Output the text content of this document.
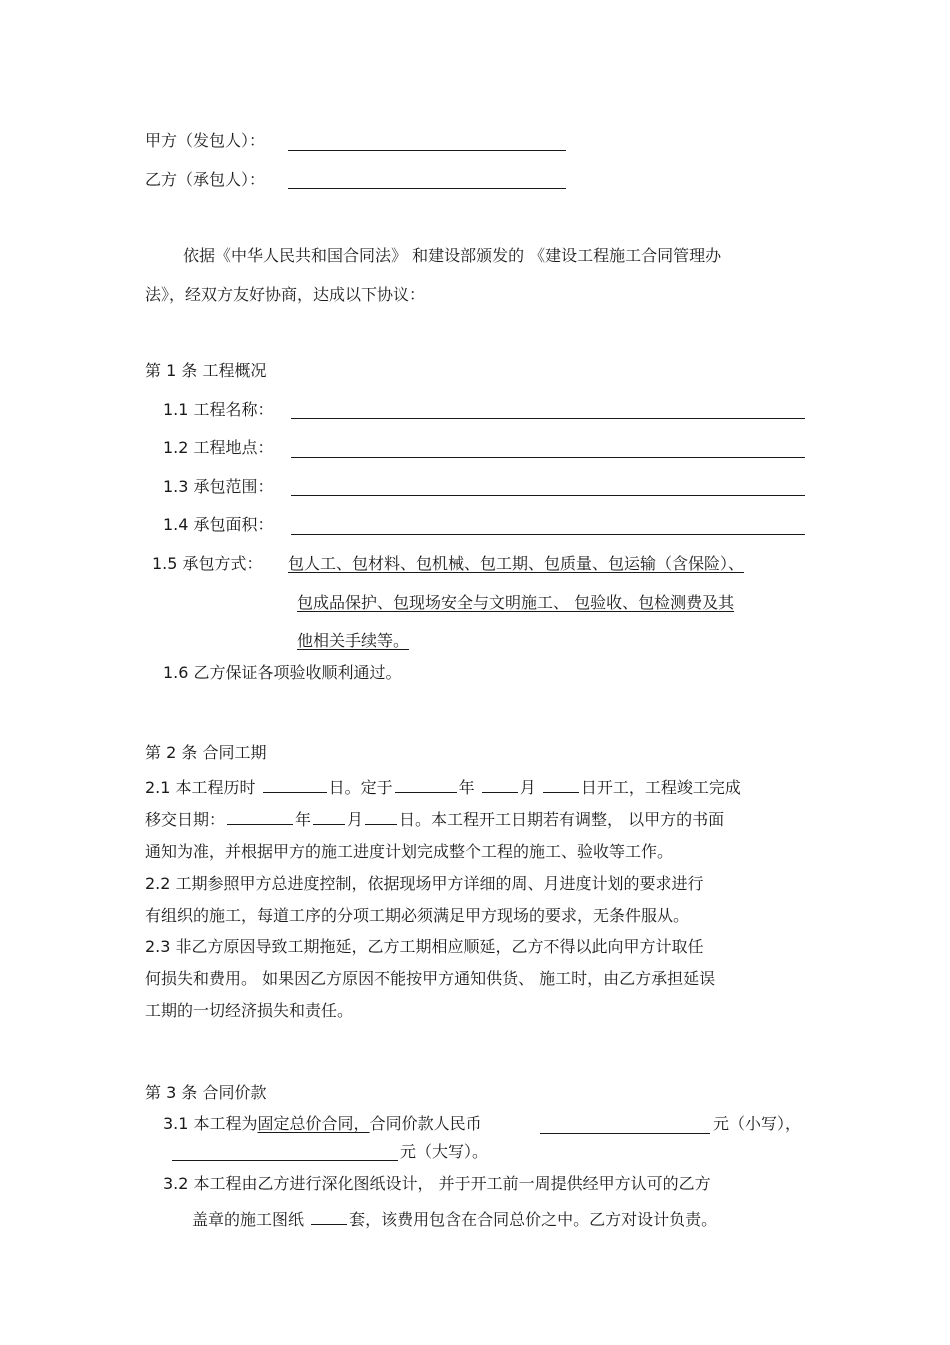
甲方（发包人）：
乙方（承包人）：
依据《中华人民共和国合同法》 和建设部颁发的 《建设工程施工合同管理办
法》，经双方友好协商，达成以下协议：
第 1 条 工程概况
1.1 工程名称：
1.2 工程地点：
1.3 承包范围：
1.4 承包面积：
1.5 承包方式： 包人工、包材料、包机械、包工期、包质量、包运输（含保险）、
包成品保护、包现场安全与文明施工、 包验收、包检测费及其
他相关手续等。
1.6 乙方保证各项验收顺利通过。
第 2 条 合同工期
2.1 本工程历时	日。定于	年	月	日开工，工程竣工完成
移交日期：	年 月 日。本工程开工日期若有调整， 以甲方的书面
通知为准，并根据甲方的施工进度计划完成整个工程的施工、验收等工作。
2.2 工期参照甲方总进度控制，依据现场甲方详细的周、月进度计划的要求进行
有组织的施工，每道工序的分项工期必须满足甲方现场的要求，无条件服从。
2.3 非乙方原因导致工期拖延，乙方工期相应顺延，乙方不得以此向甲方计取任
何损失和费用。 如果因乙方原因不能按甲方通知供货、 施工时，由乙方承担延误
工期的一切经济损失和责任。
第 3 条 合同价款
3.1 本工程为固定总价合同，合同价款人民币	元（小写），
元（大写）。
3.2 本工程由乙方进行深化图纸设计， 并于开工前一周提供经甲方认可的乙方
盖章的施工图纸	套，该费用包含在合同总价之中。乙方对设计负责。
